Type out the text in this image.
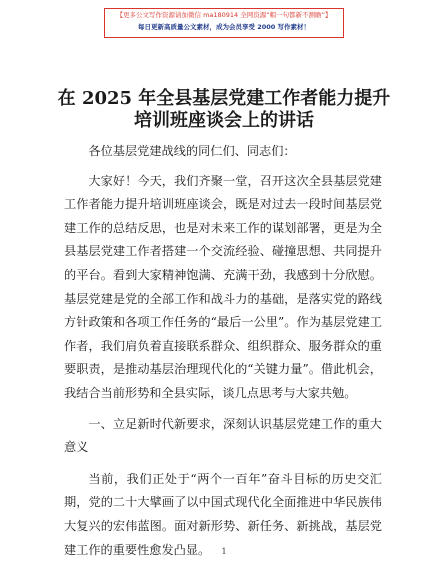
【更多公文写作资源请加微信 ma180914 全网资源“帽一句都新不测瞻”】
每日更新高质量公文素材，成为会员享受 2000 写作素材！
在 2025 年全县基层党建工作者能力提升培训班座谈会上的讲话

各位基层党建战线的同仁们、同志们：

大家好！今天，我们齐聚一堂，召开这次全县基层党建工作者能力提升培训班座谈会，既是对过去一段时间基层党建工作的总结反思，也是对未来工作的谋划部署，更是为全县基层党建工作者搭建一个交流经验、碰撞思想、共同提升的平台。看到大家精神饱满、充满干劲，我感到十分欣慰。基层党建是党的全部工作和战斗力的基础，是落实党的路线方针政策和各项工作任务的“最后一公里”。作为基层党建工作者，我们肩负着直接联系群众、组织群众、服务群众的重要职责，是推动基层治理现代化的“关键力量”。借此机会，我结合当前形势和全县实际，谈几点思考与大家共勉。

一、立足新时代新要求，深刻认识基层党建工作的重大意义

当前，我们正处于“两个一百年”奋斗目标的历史交汇期，党的二十大擘画了以中国式现代化全面推进中华民族伟大复兴的宏伟蓝图。面对新形势、新任务、新挑战，基层党建工作的重要性愈发凸显。	1
